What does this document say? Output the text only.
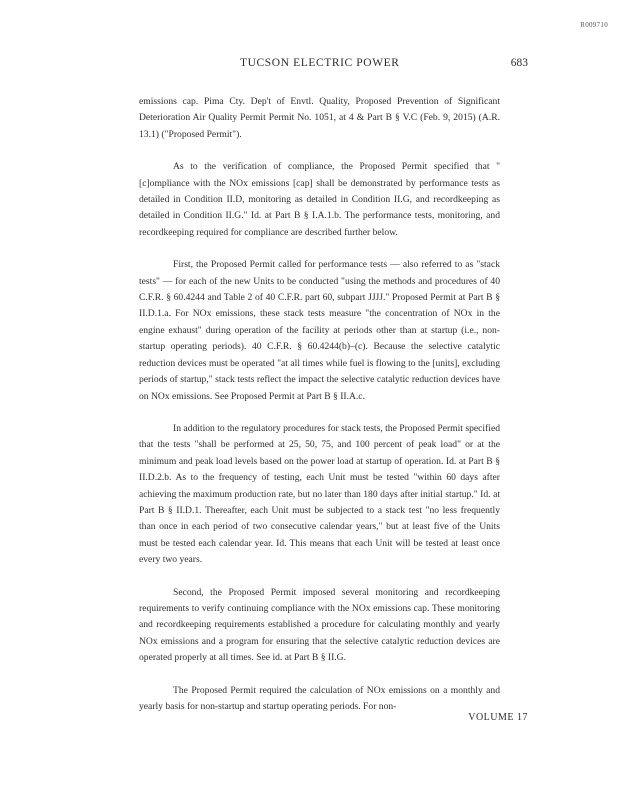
R009710
TUCSON ELECTRIC POWER	683

emissions cap. Pima Cty. Dep't of Envtl. Quality, Proposed Prevention of Significant Deterioration Air Quality Permit Permit No. 1051, at 4 & Part B § V.C (Feb. 9, 2015) (A.R. 13.1) ("Proposed Permit").

As to the verification of compliance, the Proposed Permit specified that "[c]ompliance with the NOx emissions [cap] shall be demonstrated by performance tests as detailed in Condition II.D, monitoring as detailed in Condition II.G, and recordkeeping as detailed in Condition II.G." Id. at Part B § I.A.1.b. The performance tests, monitoring, and recordkeeping required for compliance are described further below.

First, the Proposed Permit called for performance tests — also referred to as "stack tests" — for each of the new Units to be conducted "using the methods and procedures of 40 C.F.R. § 60.4244 and Table 2 of 40 C.F.R. part 60, subpart JJJJ." Proposed Permit at Part B § II.D.1.a. For NOx emissions, these stack tests measure "the concentration of NOx in the engine exhaust" during operation of the facility at periods other than at startup (i.e., non-startup operating periods). 40 C.F.R. § 60.4244(b)–(c). Because the selective catalytic reduction devices must be operated "at all times while fuel is flowing to the [units], excluding periods of startup," stack tests reflect the impact the selective catalytic reduction devices have on NOx emissions. See Proposed Permit at Part B § II.A.c.

In addition to the regulatory procedures for stack tests, the Proposed Permit specified that the tests "shall be performed at 25, 50, 75, and 100 percent of peak load" or at the minimum and peak load levels based on the power load at startup of operation. Id. at Part B § II.D.2.b. As to the frequency of testing, each Unit must be tested "within 60 days after achieving the maximum production rate, but no later than 180 days after initial startup." Id. at Part B § II.D.1. Thereafter, each Unit must be subjected to a stack test "no less frequently than once in each period of two consecutive calendar years," but at least five of the Units must be tested each calendar year. Id. This means that each Unit will be tested at least once every two years.

Second, the Proposed Permit imposed several monitoring and recordkeeping requirements to verify continuing compliance with the NOx emissions cap. These monitoring and recordkeeping requirements established a procedure for calculating monthly and yearly NOx emissions and a program for ensuring that the selective catalytic reduction devices are operated properly at all times. See id. at Part B § II.G.

The Proposed Permit required the calculation of NOx emissions on a monthly and yearly basis for non-startup and startup operating periods. For non-

VOLUME 17
